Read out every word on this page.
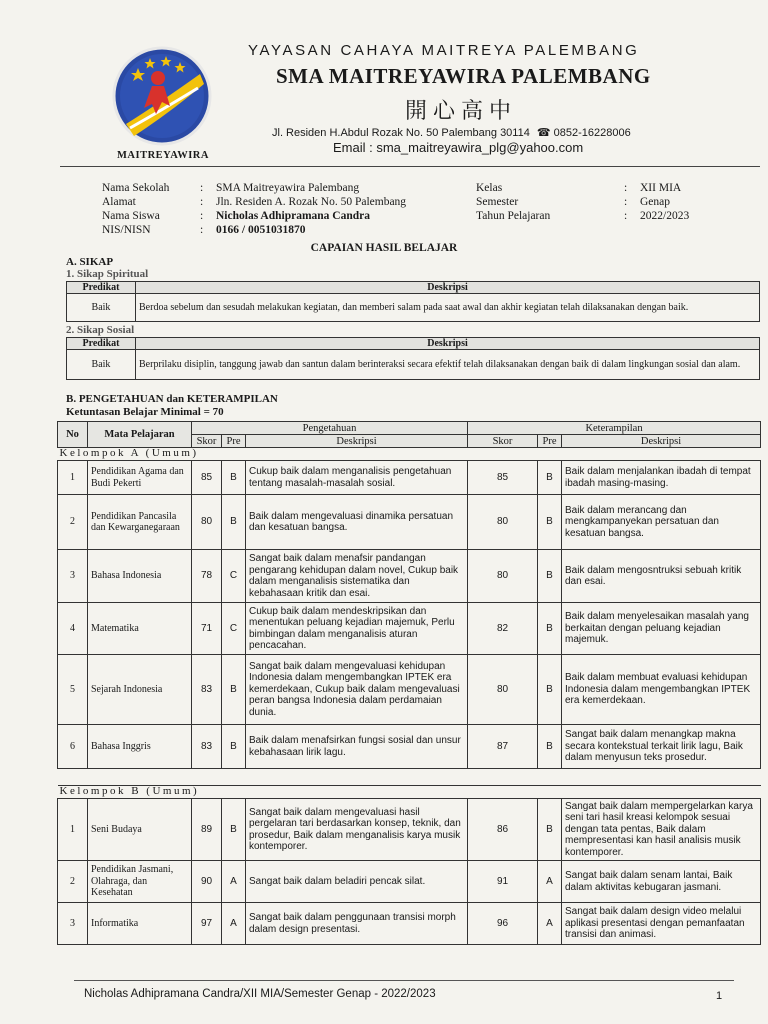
MAITREYAWIRA
YAYASAN CAHAYA MAITREYA PALEMBANG
SMA MAITREYAWIRA PALEMBANG
開心高中
Jl. Residen H.Abdul Rozak No. 50 Palembang 30114 ☎ 0852-16228006
Email : sma_maitreyawira_plg@yahoo.com
Nama Sekolah	: SMA Maitreyawira Palembang
Alamat	: Jln. Residen A. Rozak No. 50 Palembang
Nama Siswa	: Nicholas Adhipramana Candra
NIS/NISN	: 0166 / 0051031870
Kelas	: XII MIA
Semester	: Genap
Tahun Pelajaran	: 2022/2023
CAPAIAN HASIL BELAJAR
A. SIKAP
1. Sikap Spiritual
Predikat	Deskripsi
Baik	Berdoa sebelum dan sesudah melakukan kegiatan, dan memberi salam pada saat awal dan akhir kegiatan telah dilaksanakan dengan baik.
2. Sikap Sosial
Predikat	Deskripsi
Baik	Berprilaku disiplin, tanggung jawab dan santun dalam berinteraksi secara efektif telah dilaksanakan dengan baik di dalam lingkungan sosial dan alam.
B. PENGETAHUAN dan KETERAMPILAN
Ketuntasan Belajar Minimal = 70
No	Mata Pelajaran	Pengetahuan			Keterampilan		
		Skor	Pre	Deskripsi	Skor	Pre	Deskripsi
Kelompok A (Umum)							
1	Pendidikan Agama dan Budi Pekerti	85	B	Cukup baik dalam menganalisis pengetahuan tentang masalah-masalah sosial.	85	B	Baik dalam menjalankan ibadah di tempat ibadah masing-masing.
2	Pendidikan Pancasila dan Kewarganegaraan	80	B	Baik dalam mengevaluasi dinamika persatuan dan kesatuan bangsa.	80	B	Baik dalam merancang dan mengkampanyekan persatuan dan kesatuan bangsa.
3	Bahasa Indonesia	78	C	Sangat baik dalam menafsir pandangan pengarang kehidupan dalam novel, Cukup baik dalam menganalisis sistematika dan kebahasaan kritik dan esai.	80	B	Baik dalam mengosntruksi sebuah kritik dan esai.
4	Matematika	71	C	Cukup baik dalam mendeskripsikan dan menentukan peluang kejadian majemuk, Perlu bimbingan dalam menganalisis aturan pencacahan.	82	B	Baik dalam menyelesaikan masalah yang berkaitan dengan peluang kejadian majemuk.
5	Sejarah Indonesia	83	B	Sangat baik dalam mengevaluasi kehidupan Indonesia dalam mengembangkan IPTEK era kemerdekaan, Cukup baik dalam mengevaluasi peran bangsa Indonesia dalam perdamaian dunia.	80	B	Baik dalam membuat evaluasi kehidupan Indonesia dalam mengembangkan IPTEK era kemerdekaan.
6	Bahasa Inggris	83	B	Baik dalam menafsirkan fungsi sosial dan unsur kebahasaan lirik lagu.	87	B	Sangat baik dalam menangkap makna secara kontekstual terkait lirik lagu, Baik dalam menyusun teks prosedur.

Kelompok B (Umum)							
1	Seni Budaya	89	B	Sangat baik dalam mengevaluasi hasil pergelaran tari berdasarkan konsep, teknik, dan prosedur, Baik dalam menganalisis karya musik kontemporer.	86	B	Sangat baik dalam mempergelarkan karya seni tari hasil kreasi kelompok sesuai dengan tata pentas, Baik dalam mempresentasi kan hasil analisis musik kontemporer.
2	Pendidikan Jasmani, Olahraga, dan Kesehatan	90	A	Sangat baik dalam beladiri pencak silat.	91	A	Sangat baik dalam senam lantai, Baik dalam aktivitas kebugaran jasmani.
3	Informatika	97	A	Sangat baik dalam penggunaan transisi morph dalam design presentasi.	96	A	Sangat baik dalam design video melalui aplikasi presentasi dengan pemanfaatan transisi dan animasi.
Nicholas Adhipramana Candra/XII MIA/Semester Genap - 2022/2023	1
